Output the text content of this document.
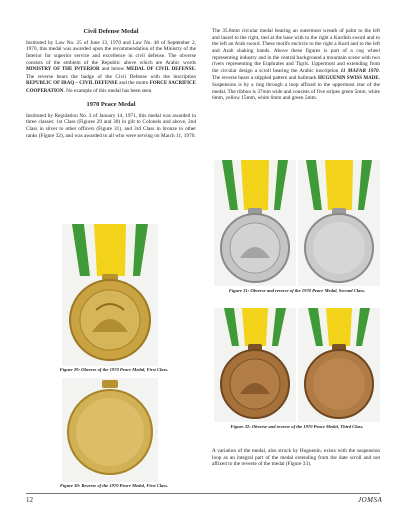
Civil Defense Medal

Instituted by Law No. 25 of June 13, 1970 and Law No. 48 of September 2, 1970, this medal was awarded upon the recommendation of the Ministry of the Interior for superior service and excellence in civil defense. The obverse consists of the emblem of the Republic above which are Arabic words MINISTRY OF THE INTERIOR and below MEDAL OF CIVIL DEFENSE. The reverse bears the badge of the Civil Defense with the inscription REPUBLIC OF IRAQ – CIVIL DEFENSE and the motto FORCE SACRIFICE COOPERATION. No example of this medal has been seen.

1970 Peace Medal

Instituted by Regulation No. 3 of January 14, 1971, this medal was awarded in three classes: 1st Class (Figures 29 and 30) in gilt to Colonels and above, 2nd Class in silver to other officers (Figure 31), and 3rd Class in bronze to other ranks (Figure 32), and was awarded to all who were serving on March 11, 1970.

The 35.8mm circular medal bearing an outermost wreath of palm to the left and laurel to the right, tied at the base with to the right a Kurdish sword and to the left an Arab sword. These motifs encircle to the right a Kurd and to the left and Arab shaking hands. Above these figures is part of a cog wheel representing industry and in the central background a mountain scene with two rivers representing the Euphrates and Tigris. Uppermost and extending from the circular design a scroll bearing the Arabic inscription 11 MAFAR 1970. The reverse bears a stippled pattern and hallmark HUGUENIN SWISS MADE. Suspension is by a ring through a loop affixed to the uppermost rear of the medal. The ribbon is 37mm wide and consists of five stripes green 5mm, white 6mm, yellow 15mm, white 6mm and green 5mm.

Figure 29: Obverse of the 1970 Peace Medal, First Class.
Figure 30: Reverse of the 1970 Peace Medal, First Class.
Figure 31: Obverse and reverse of the 1970 Peace Medal, Second Class.
Figure 32: Obverse and reverse of the 1970 Peace Medal, Third Class.

A variation of the medal, also struck by Huguenin, exists with the suspension loop as an integral part of the medal extending from the date scroll and not affixed to the reverse of the medal (Figure 33).

12	JOMSA
